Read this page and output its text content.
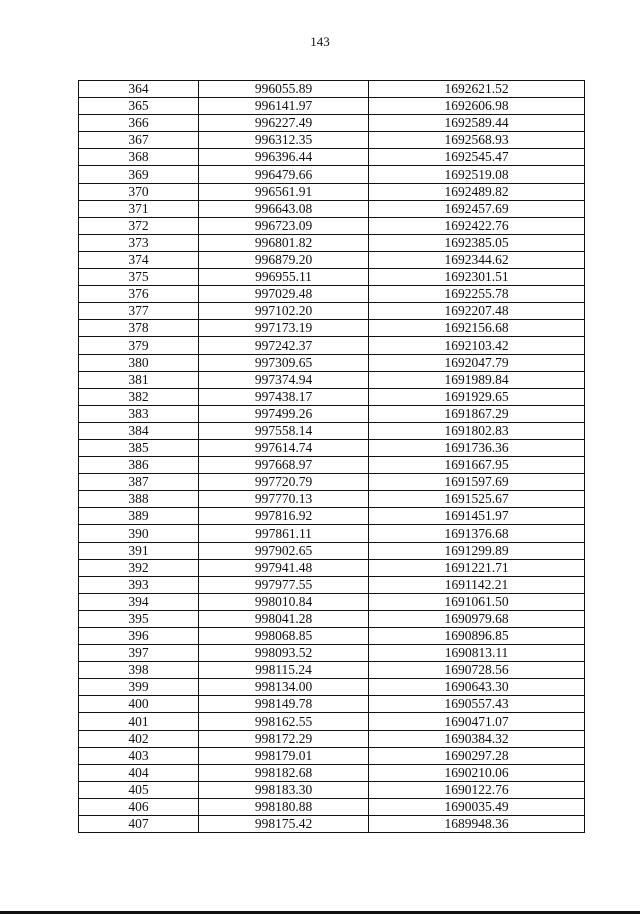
143
364	996055.89	1692621.52
365	996141.97	1692606.98
366	996227.49	1692589.44
367	996312.35	1692568.93
368	996396.44	1692545.47
369	996479.66	1692519.08
370	996561.91	1692489.82
371	996643.08	1692457.69
372	996723.09	1692422.76
373	996801.82	1692385.05
374	996879.20	1692344.62
375	996955.11	1692301.51
376	997029.48	1692255.78
377	997102.20	1692207.48
378	997173.19	1692156.68
379	997242.37	1692103.42
380	997309.65	1692047.79
381	997374.94	1691989.84
382	997438.17	1691929.65
383	997499.26	1691867.29
384	997558.14	1691802.83
385	997614.74	1691736.36
386	997668.97	1691667.95
387	997720.79	1691597.69
388	997770.13	1691525.67
389	997816.92	1691451.97
390	997861.11	1691376.68
391	997902.65	1691299.89
392	997941.48	1691221.71
393	997977.55	1691142.21
394	998010.84	1691061.50
395	998041.28	1690979.68
396	998068.85	1690896.85
397	998093.52	1690813.11
398	998115.24	1690728.56
399	998134.00	1690643.30
400	998149.78	1690557.43
401	998162.55	1690471.07
402	998172.29	1690384.32
403	998179.01	1690297.28
404	998182.68	1690210.06
405	998183.30	1690122.76
406	998180.88	1690035.49
407	998175.42	1689948.36
